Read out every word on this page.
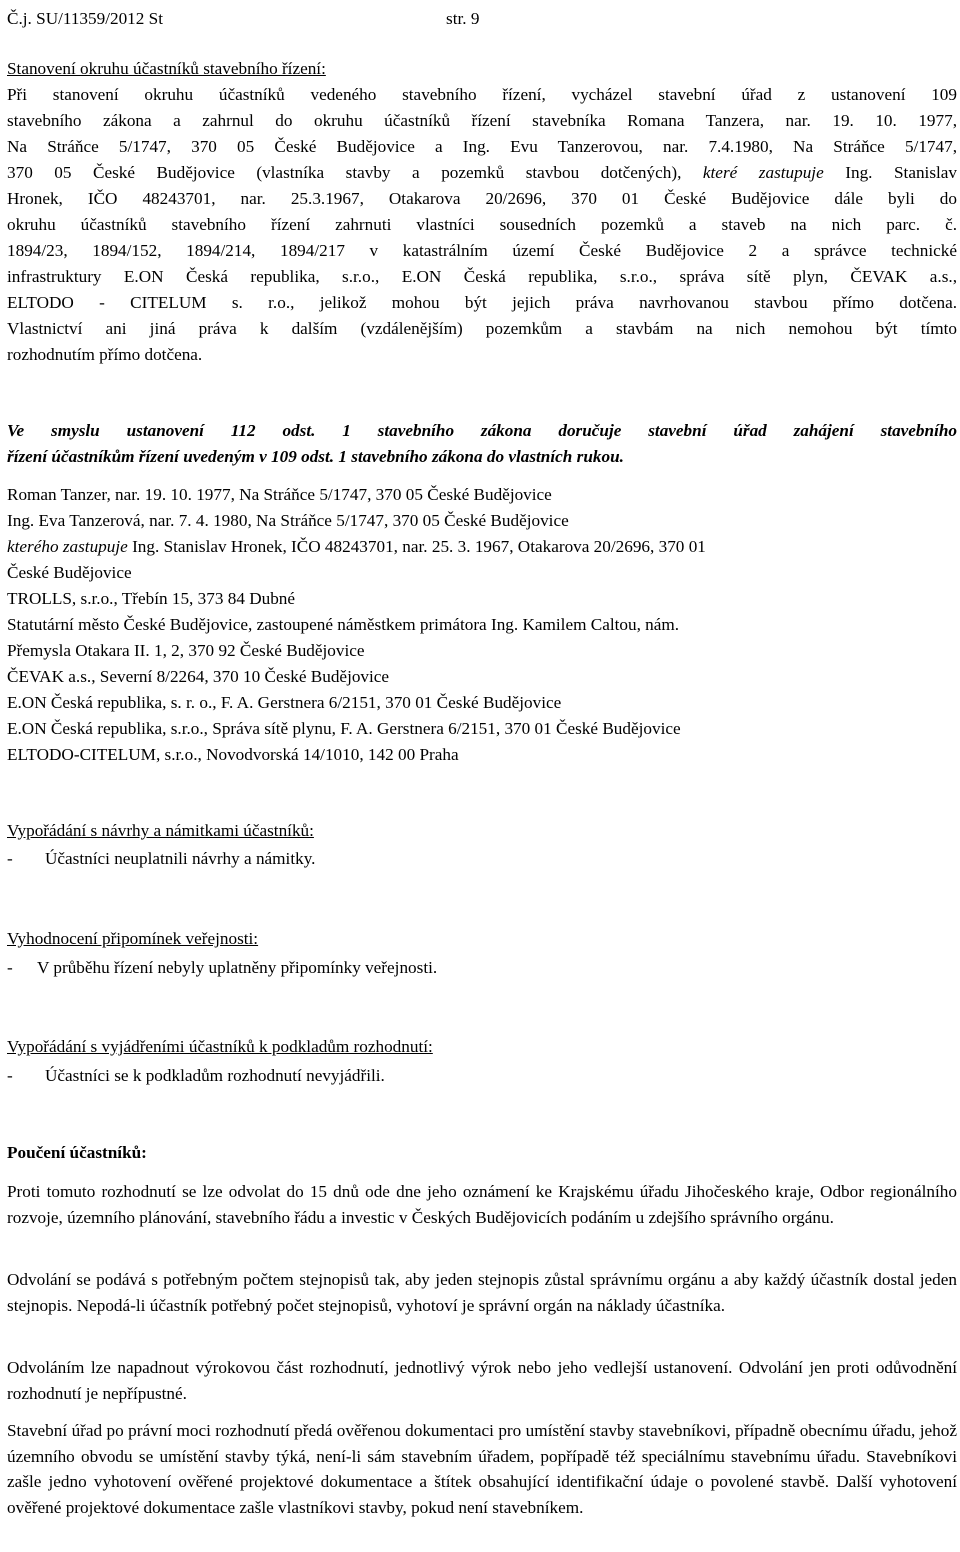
Č.j. SU/11359/2012 St	str. 9
Stanovení okruhu účastníků stavebního řízení:
Při stanovení okruhu účastníků vedeného stavebního řízení, vycházel stavební úřad z ustanovení 109
stavebního zákona a zahrnul do okruhu účastníků řízení stavebníka Romana Tanzera, nar. 19. 10. 1977,
Na Stráňce 5/1747, 370 05 České Budějovice a Ing. Evu Tanzerovou, nar. 7.4.1980, Na Stráňce 5/1747,
370 05 České Budějovice (vlastníka stavby a pozemků stavbou dotčených), které zastupuje Ing. Stanislav
Hronek, IČO 48243701, nar. 25.3.1967, Otakarova 20/2696, 370 01 České Budějovice dále byli do
okruhu účastníků stavebního řízení zahrnuti vlastníci sousedních pozemků a staveb na nich parc. č.
1894/23, 1894/152, 1894/214, 1894/217 v katastrálním území České Budějovice 2 a správce technické
infrastruktury E.ON Česká republika, s.r.o., E.ON Česká republika, s.r.o., správa sítě plyn, ČEVAK a.s.,
ELTODO - CITELUM s. r.o., jelikož mohou být jejich práva navrhovanou stavbou přímo dotčena.
Vlastnictví ani jiná práva k dalším (vzdálenějším) pozemkům a stavbám na nich nemohou být tímto
rozhodnutím přímo dotčena.
Ve smyslu ustanovení 112 odst. 1 stavebního zákona doručuje stavební úřad zahájení stavebního
řízení účastníkům řízení uvedeným v 109 odst. 1 stavebního zákona do vlastních rukou.
Roman Tanzer, nar. 19. 10. 1977, Na Stráňce 5/1747, 370 05 České Budějovice
Ing. Eva Tanzerová, nar. 7. 4. 1980, Na Stráňce 5/1747, 370 05 České Budějovice
kterého zastupuje Ing. Stanislav Hronek, IČO 48243701, nar. 25. 3. 1967, Otakarova 20/2696, 370 01
České Budějovice
TROLLS, s.r.o., Třebín 15, 373 84 Dubné
Statutární město České Budějovice, zastoupené náměstkem primátora Ing. Kamilem Caltou, nám.
Přemysla Otakara II. 1, 2, 370 92 České Budějovice
ČEVAK a.s., Severní 8/2264, 370 10 České Budějovice
E.ON Česká republika, s. r. o., F. A. Gerstnera 6/2151, 370 01 České Budějovice
E.ON Česká republika, s.r.o., Správa sítě plynu, F. A. Gerstnera 6/2151, 370 01 České Budějovice
ELTODO-CITELUM, s.r.o., Novodvorská 14/1010, 142 00 Praha
Vypořádání s návrhy a námitkami účastníků:
- Účastníci neuplatnili návrhy a námitky.
Vyhodnocení připomínek veřejnosti:
- V průběhu řízení nebyly uplatněny připomínky veřejnosti.
Vypořádání s vyjádřeními účastníků k podkladům rozhodnutí:
- Účastníci se k podkladům rozhodnutí nevyjádřili.
Poučení účastníků:
Proti tomuto rozhodnutí se lze odvolat do 15 dnů ode dne jeho oznámení ke Krajskému úřadu Jihočeského kraje, Odbor regionálního rozvoje, územního plánování, stavebního řádu a investic v Českých Budějovicích podáním u zdejšího správního orgánu.
Odvolání se podává s potřebným počtem stejnopisů tak, aby jeden stejnopis zůstal správnímu orgánu a aby každý účastník dostal jeden stejnopis. Nepodá-li účastník potřebný počet stejnopisů, vyhotoví je správní orgán na náklady účastníka.
Odvoláním lze napadnout výrokovou část rozhodnutí, jednotlivý výrok nebo jeho vedlejší ustanovení. Odvolání jen proti odůvodnění rozhodnutí je nepřípustné.
Stavební úřad po právní moci rozhodnutí předá ověřenou dokumentaci pro umístění stavby stavebníkovi, případně obecnímu úřadu, jehož územního obvodu se umístění stavby týká, není-li sám stavebním úřadem, popřípadě též speciálnímu stavebnímu úřadu. Stavebníkovi zašle jedno vyhotovení ověřené projektové dokumentace a štítek obsahující identifikační údaje o povolené stavbě. Další vyhotovení ověřené projektové dokumentace zašle vlastníkovi stavby, pokud není stavebníkem.
